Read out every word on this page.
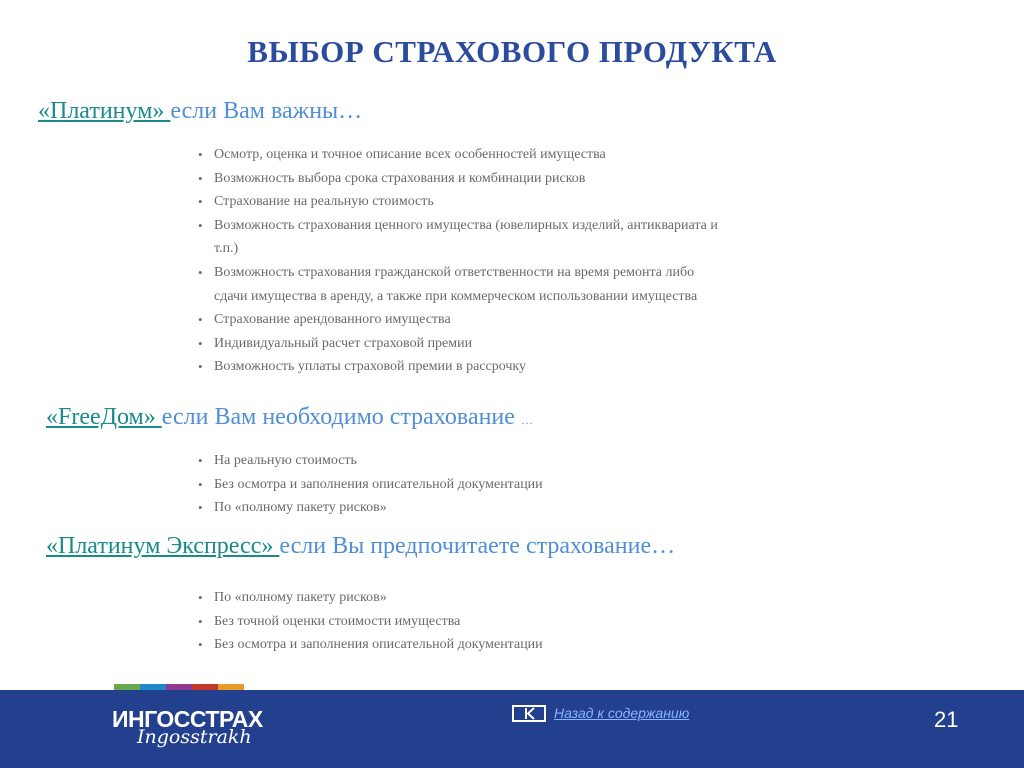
ВЫБОР СТРАХОВОГО ПРОДУКТА
«Платинум» если Вам важны…
• Осмотр, оценка и точное описание всех особенностей имущества
• Возможность выбора срока страхования и комбинации рисков
• Страхование на реальную стоимость
• Возможность страхования ценного имущества (ювелирных изделий, антиквариата и
т.п.)
• Возможность страхования гражданской ответственности на время ремонта либо
сдачи имущества в аренду, а также при коммерческом использовании имущества
• Страхование арендованного имущества
• Индивидуальный расчет страховой премии
• Возможность уплаты страховой премии в рассрочку
«FreeДом» если Вам необходимо страхование …
• На реальную стоимость
• Без осмотра и заполнения описательной документации
• По «полному пакету рисков»
«Платинум Экспресс» если Вы предпочитаете страхование…
• По «полному пакету рисков»
• Без точной оценки стоимости имущества
• Без осмотра и заполнения описательной документации
ИНГОССТРАХ
Ingosstrakh
Назад к содержанию	21
